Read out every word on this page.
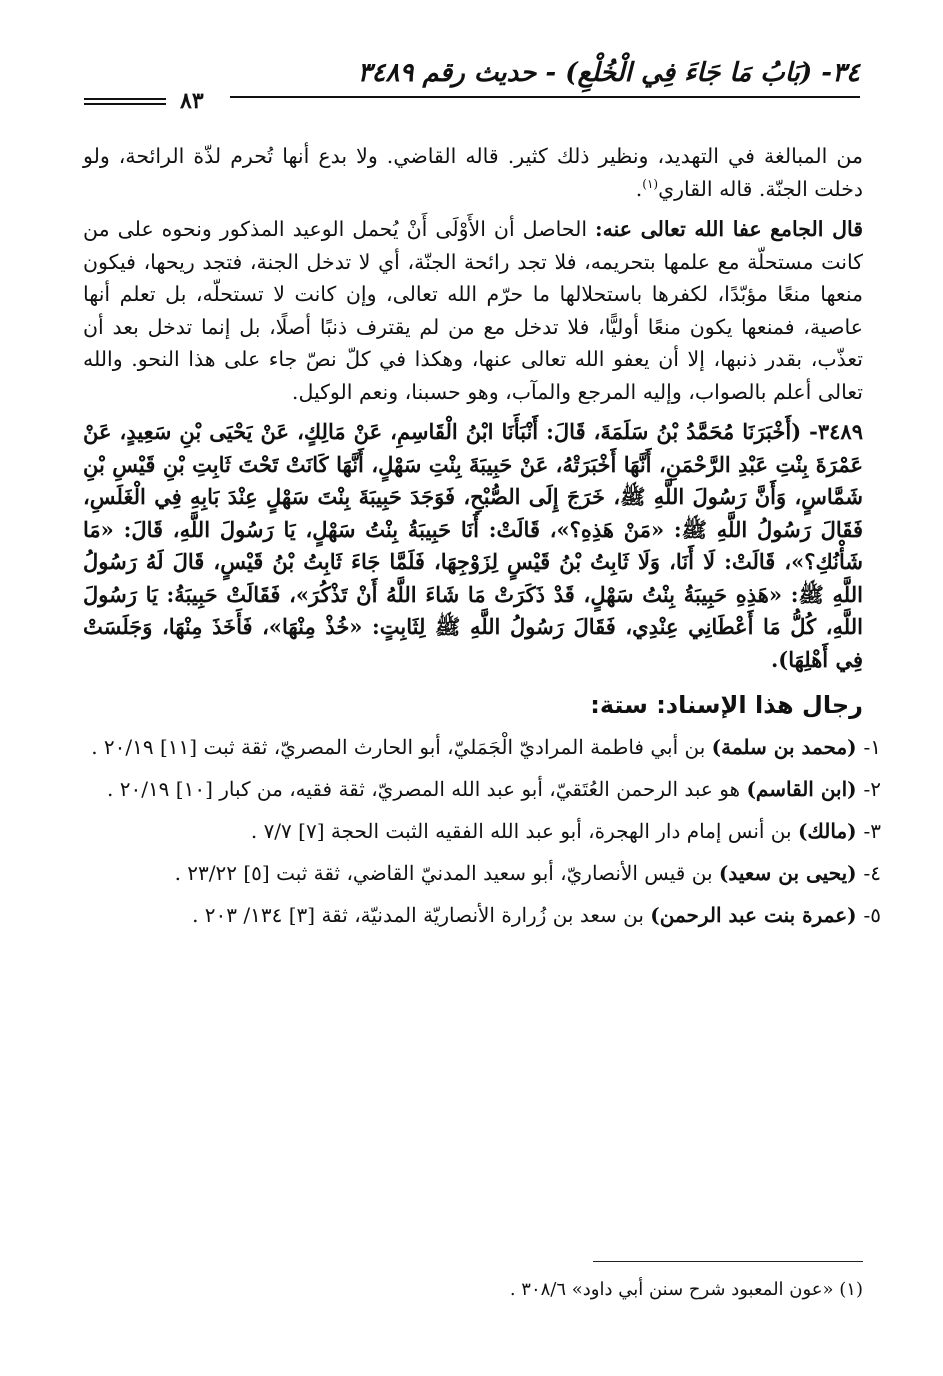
٣٤- (بَابُ مَا جَاءَ فِي الْخُلْعِ) - حديث رقم ٣٤٨٩
٨٣

من المبالغة في التهديد، ونظير ذلك كثير. قاله القاضي. ولا بدع أنها تُحرم لذّة الرائحة، ولو دخلت الجنّة. قاله القاري$^{(١)}$.

قال الجامع عفا الله تعالى عنه: الحاصل أن الأَوْلَى أَنْ يُحمل الوعيد المذكور ونحوه على من كانت مستحلّة مع علمها بتحريمه، فلا تجد رائحة الجنّة، أي لا تدخل الجنة، فتجد ريحها، فيكون منعها منعًا مؤبّدًا، لكفرها باستحلالها ما حرّم الله تعالى، وإن كانت لا تستحلّه، بل تعلم أنها عاصية، فمنعها يكون منعًا أوليًّا، فلا تدخل مع من لم يقترف ذنبًا أصلًا، بل إنما تدخل بعد أن تعذّب، بقدر ذنبها، إلا أن يعفو الله تعالى عنها، وهكذا في كلّ نصّ جاء على هذا النحو. والله تعالى أعلم بالصواب، وإليه المرجع والمآب، وهو حسبنا، ونعم الوكيل.

٣٤٨٩- (أَخْبَرَنَا مُحَمَّدُ بْنُ سَلَمَةَ، قَالَ: أَنْبَأَنَا ابْنُ الْقَاسِمِ، عَنْ مَالِكٍ، عَنْ يَحْيَى بْنِ سَعِيدٍ، عَنْ عَمْرَةَ بِنْتِ عَبْدِ الرَّحْمَنِ، أَنَّهَا أَخْبَرَتْهُ، عَنْ حَبِيبَةَ بِنْتِ سَهْلٍ، أَنَّهَا كَانَتْ تَحْتَ ثَابِتِ بْنِ قَيْسِ بْنِ شَمَّاسٍ، وَأَنَّ رَسُولَ اللَّهِ ﷺ، خَرَجَ إِلَى الصُّبْحِ، فَوَجَدَ حَبِيبَةَ بِنْتَ سَهْلٍ عِنْدَ بَابِهِ فِي الْغَلَسِ، فَقَالَ رَسُولُ اللَّهِ ﷺ: «مَنْ هَذِهِ؟»، قَالَتْ: أَنَا حَبِيبَةُ بِنْتُ سَهْلٍ، يَا رَسُولَ اللَّهِ، قَالَ: «مَا شَأْنُكِ؟»، قَالَتْ: لَا أَنَا، وَلَا ثَابِتُ بْنُ قَيْسٍ لِزَوْجِهَا، فَلَمَّا جَاءَ ثَابِتُ بْنُ قَيْسٍ، قَالَ لَهُ رَسُولُ اللَّهِ ﷺ: «هَذِهِ حَبِيبَةُ بِنْتُ سَهْلٍ، قَدْ ذَكَرَتْ مَا شَاءَ اللَّهُ أَنْ تَذْكُرَ»، فَقَالَتْ حَبِيبَةُ: يَا رَسُولَ اللَّهِ، كُلُّ مَا أَعْطَانِي عِنْدِي، فَقَالَ رَسُولُ اللَّهِ ﷺ لِثَابِتٍ: «خُذْ مِنْهَا»، فَأَخَذَ مِنْهَا، وَجَلَسَتْ فِي أَهْلِهَا).

رجال هذا الإسناد: ستة:

١- (محمد بن سلمة) بن أبي فاطمة المراديّ الْجَمَليّ، أبو الحارث المصريّ، ثقة ثبت [١١] ٢٠/١٩ .

٢- (ابن القاسم) هو عبد الرحمن العُتَقيّ، أبو عبد الله المصريّ، ثقة فقيه، من كبار [١٠] ٢٠/١٩ .

٣- (مالك) بن أنس إمام دار الهجرة، أبو عبد الله الفقيه الثبت الحجة [٧] ٧/٧ .

٤- (يحيى بن سعيد) بن قيس الأنصاريّ، أبو سعيد المدنيّ القاضي، ثقة ثبت [٥] ٢٣/٢٢ .

٥- (عمرة بنت عبد الرحمن) بن سعد بن زُرارة الأنصاريّة المدنيّة، ثقة [٣] ١٣٤/ ٢٠٣ .

(١) «عون المعبود شرح سنن أبي داود» ٣٠٨/٦ .
